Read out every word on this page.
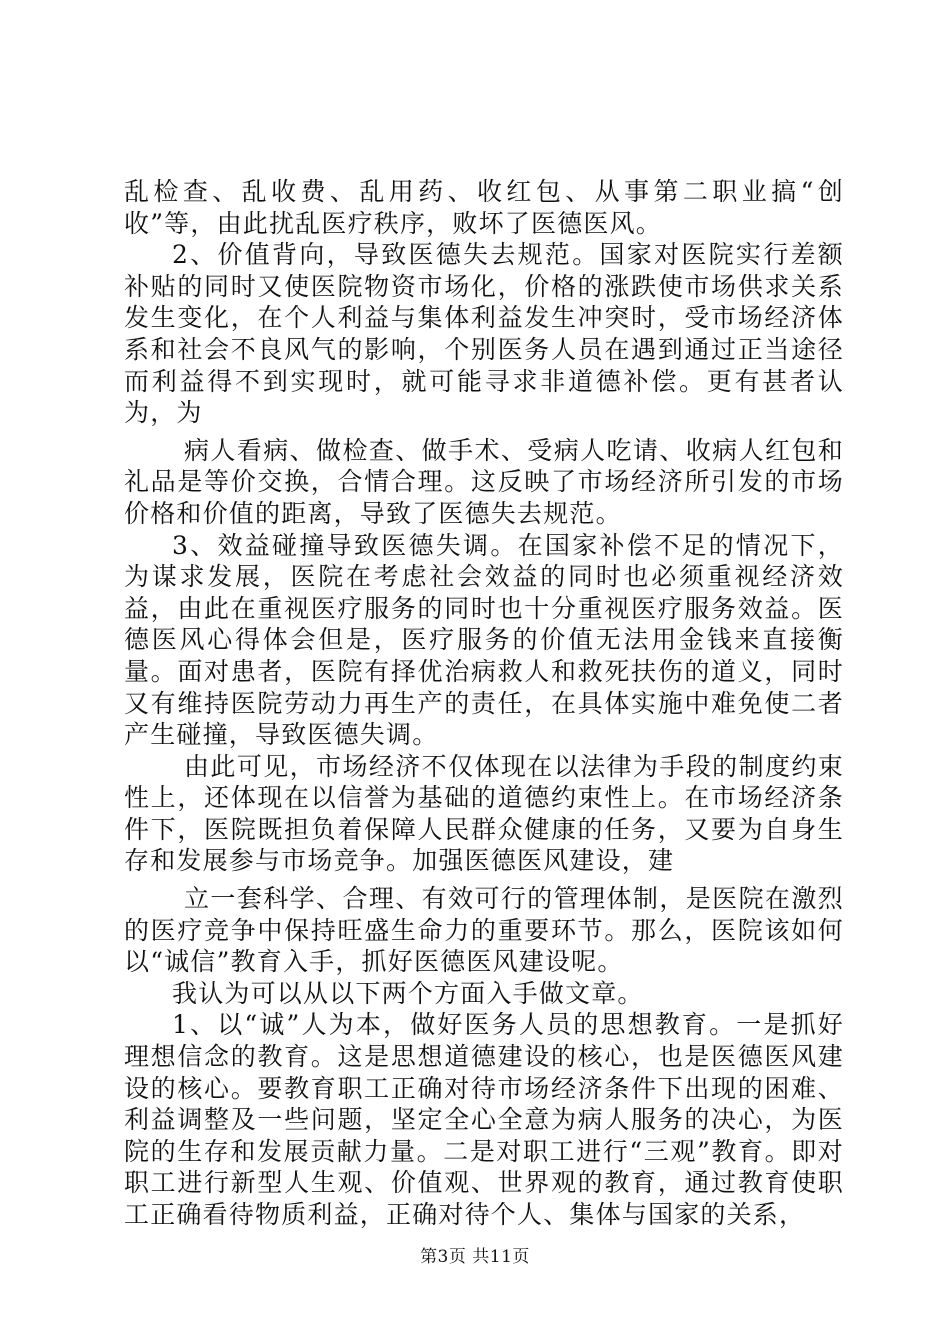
乱检查、乱收费、乱用药、收红包、从事第二职业搞“创收”等，由此扰乱医疗秩序，败坏了医德医风。

2、价值背向，导致医德失去规范。国家对医院实行差额补贴的同时又使医院物资市场化，价格的涨跌使市场供求关系发生变化，在个人利益与集体利益发生冲突时，受市场经济体系和社会不良风气的影响，个别医务人员在遇到通过正当途径而利益得不到实现时，就可能寻求非道德补偿。更有甚者认为，为

病人看病、做检查、做手术、受病人吃请、收病人红包和礼品是等价交换，合情合理。这反映了市场经济所引发的市场价格和价值的距离，导致了医德失去规范。

3、效益碰撞导致医德失调。在国家补偿不足的情况下，为谋求发展，医院在考虑社会效益的同时也必须重视经济效益，由此在重视医疗服务的同时也十分重视医疗服务效益。医德医风心得体会但是，医疗服务的价值无法用金钱来直接衡量。面对患者，医院有择优治病救人和救死扶伤的道义，同时又有维持医院劳动力再生产的责任，在具体实施中难免使二者产生碰撞，导致医德失调。

由此可见，市场经济不仅体现在以法律为手段的制度约束性上，还体现在以信誉为基础的道德约束性上。在市场经济条件下，医院既担负着保障人民群众健康的任务，又要为自身生存和发展参与市场竞争。加强医德医风建设，建

立一套科学、合理、有效可行的管理体制，是医院在激烈的医疗竞争中保持旺盛生命力的重要环节。那么，医院该如何以“诚信”教育入手，抓好医德医风建设呢。

我认为可以从以下两个方面入手做文章。

1、以“诚”人为本，做好医务人员的思想教育。一是抓好理想信念的教育。这是思想道德建设的核心，也是医德医风建设的核心。要教育职工正确对待市场经济条件下出现的困难、利益调整及一些问题，坚定全心全意为病人服务的决心，为医院的生存和发展贡献力量。二是对职工进行“三观”教育。即对职工进行新型人生观、价值观、世界观的教育，通过教育使职工正确看待物质利益，正确对待个人、集体与国家的关系，

第3页 共11页
